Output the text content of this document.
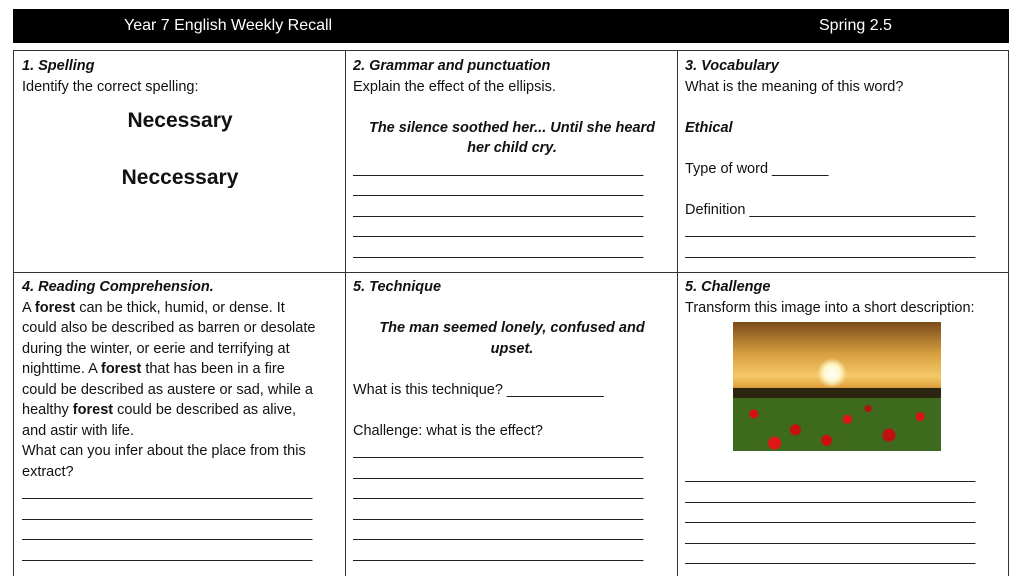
Year 7 English Weekly Recall	Spring 2.5
1. Spelling
Identify the correct spelling:
Necessary
Neccessary
2. Grammar and punctuation
Explain the effect of the ellipsis.
The silence soothed her... Until she heard
her child cry.
____________________________________
____________________________________
____________________________________
____________________________________
____________________________________
3. Vocabulary
What is the meaning of this word?
Ethical
Type of word _______
Definition ____________________________
____________________________________
____________________________________
4. Reading Comprehension.
A forest can be thick, humid, or dense. It
could also be described as barren or desolate
during the winter, or eerie and terrifying at
nighttime. A forest that has been in a fire
could be described as austere or sad, while a
healthy forest could be described as alive,
and astir with life.
What can you infer about the place from this
extract?
____________________________________
____________________________________
____________________________________
____________________________________
5. Technique
The man seemed lonely, confused and
upset.
What is this technique? ____________
Challenge: what is the effect?
____________________________________
____________________________________
____________________________________
____________________________________
____________________________________
____________________________________
5. Challenge
Transform this image into a short description:
____________________________________
____________________________________
____________________________________
____________________________________
____________________________________
